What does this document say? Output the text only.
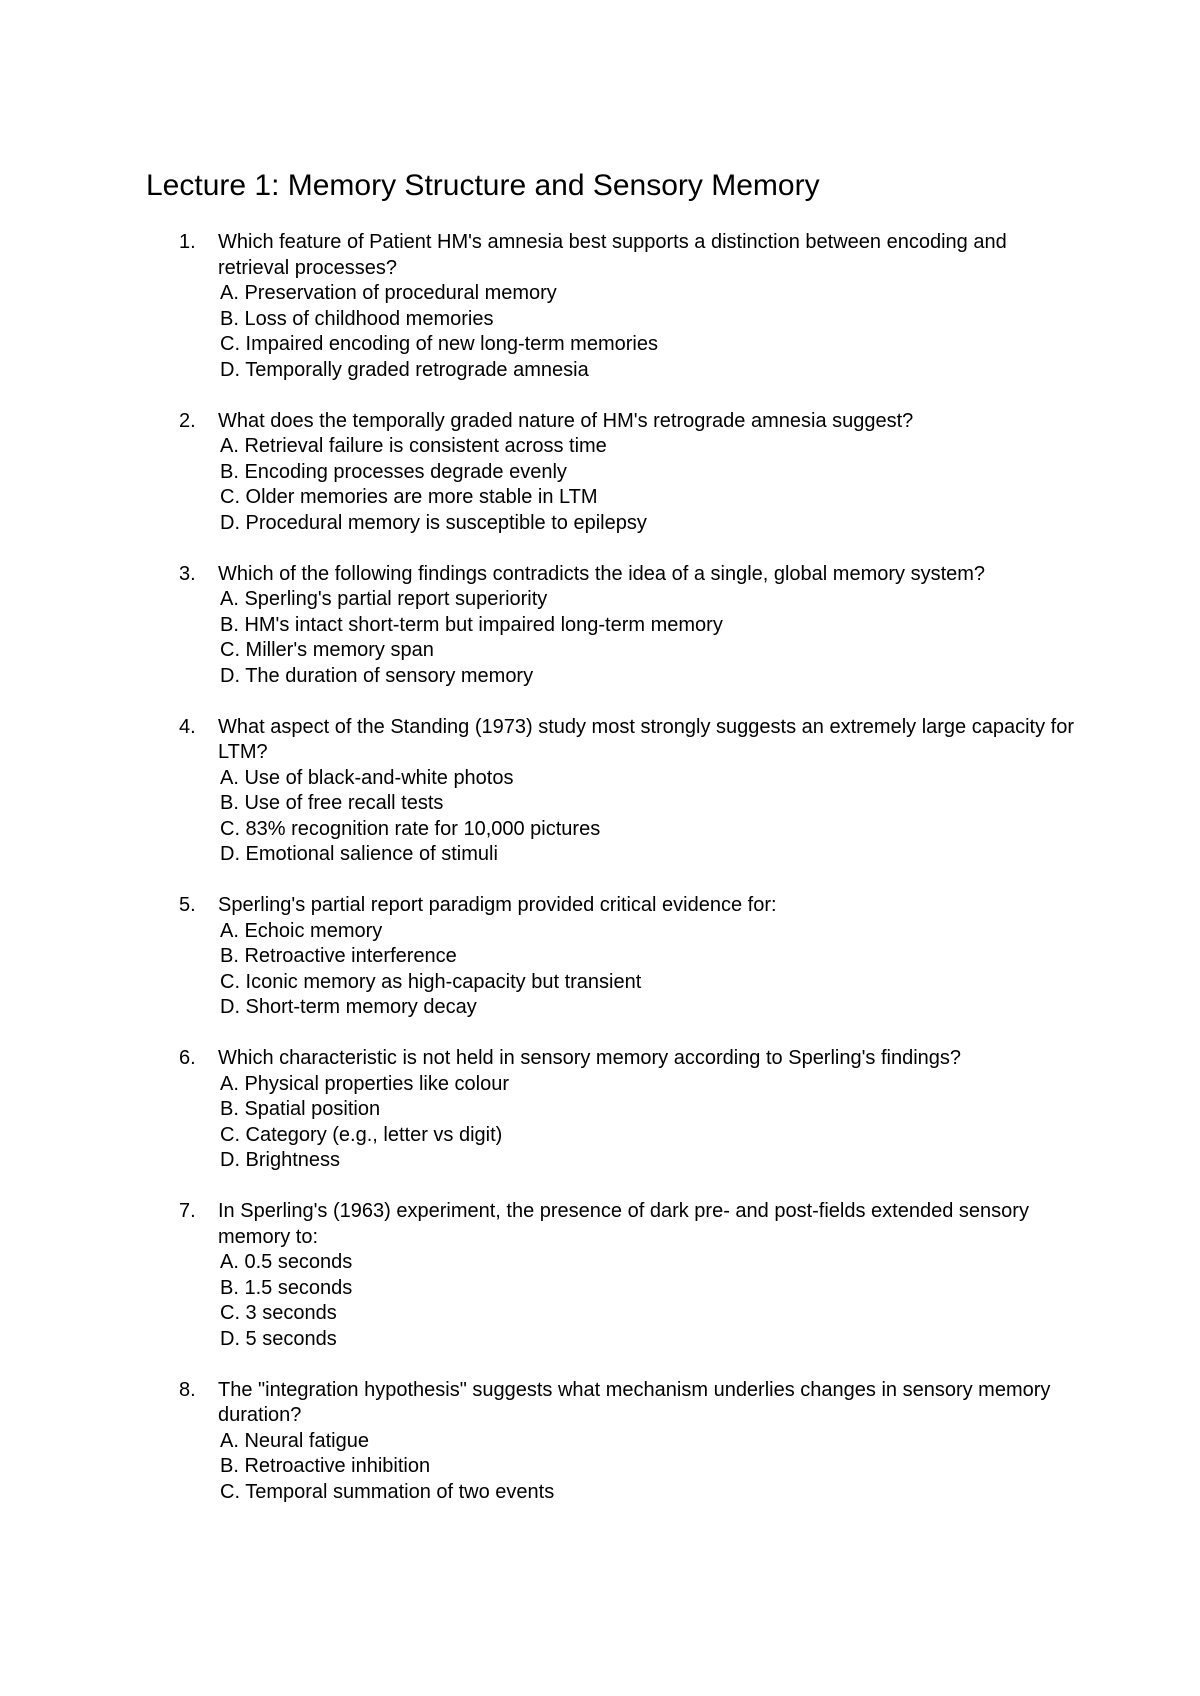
Lecture 1: Memory Structure and Sensory Memory
1.	Which feature of Patient HM's amnesia best supports a distinction between encoding and retrieval processes?
A. Preservation of procedural memory
B. Loss of childhood memories
C. Impaired encoding of new long-term memories
D. Temporally graded retrograde amnesia
2.	What does the temporally graded nature of HM's retrograde amnesia suggest?
A. Retrieval failure is consistent across time
B. Encoding processes degrade evenly
C. Older memories are more stable in LTM
D. Procedural memory is susceptible to epilepsy
3.	Which of the following findings contradicts the idea of a single, global memory system?
A. Sperling's partial report superiority
B. HM's intact short-term but impaired long-term memory
C. Miller's memory span
D. The duration of sensory memory
4.	What aspect of the Standing (1973) study most strongly suggests an extremely large capacity for LTM?
A. Use of black-and-white photos
B. Use of free recall tests
C. 83% recognition rate for 10,000 pictures
D. Emotional salience of stimuli
5.	Sperling's partial report paradigm provided critical evidence for:
A. Echoic memory
B. Retroactive interference
C. Iconic memory as high-capacity but transient
D. Short-term memory decay
6.	Which characteristic is not held in sensory memory according to Sperling's findings?
A. Physical properties like colour
B. Spatial position
C. Category (e.g., letter vs digit)
D. Brightness
7.	In Sperling's (1963) experiment, the presence of dark pre- and post-fields extended sensory memory to:
A. 0.5 seconds
B. 1.5 seconds
C. 3 seconds
D. 5 seconds
8.	The "integration hypothesis" suggests what mechanism underlies changes in sensory memory duration?
A. Neural fatigue
B. Retroactive inhibition
C. Temporal summation of two events
